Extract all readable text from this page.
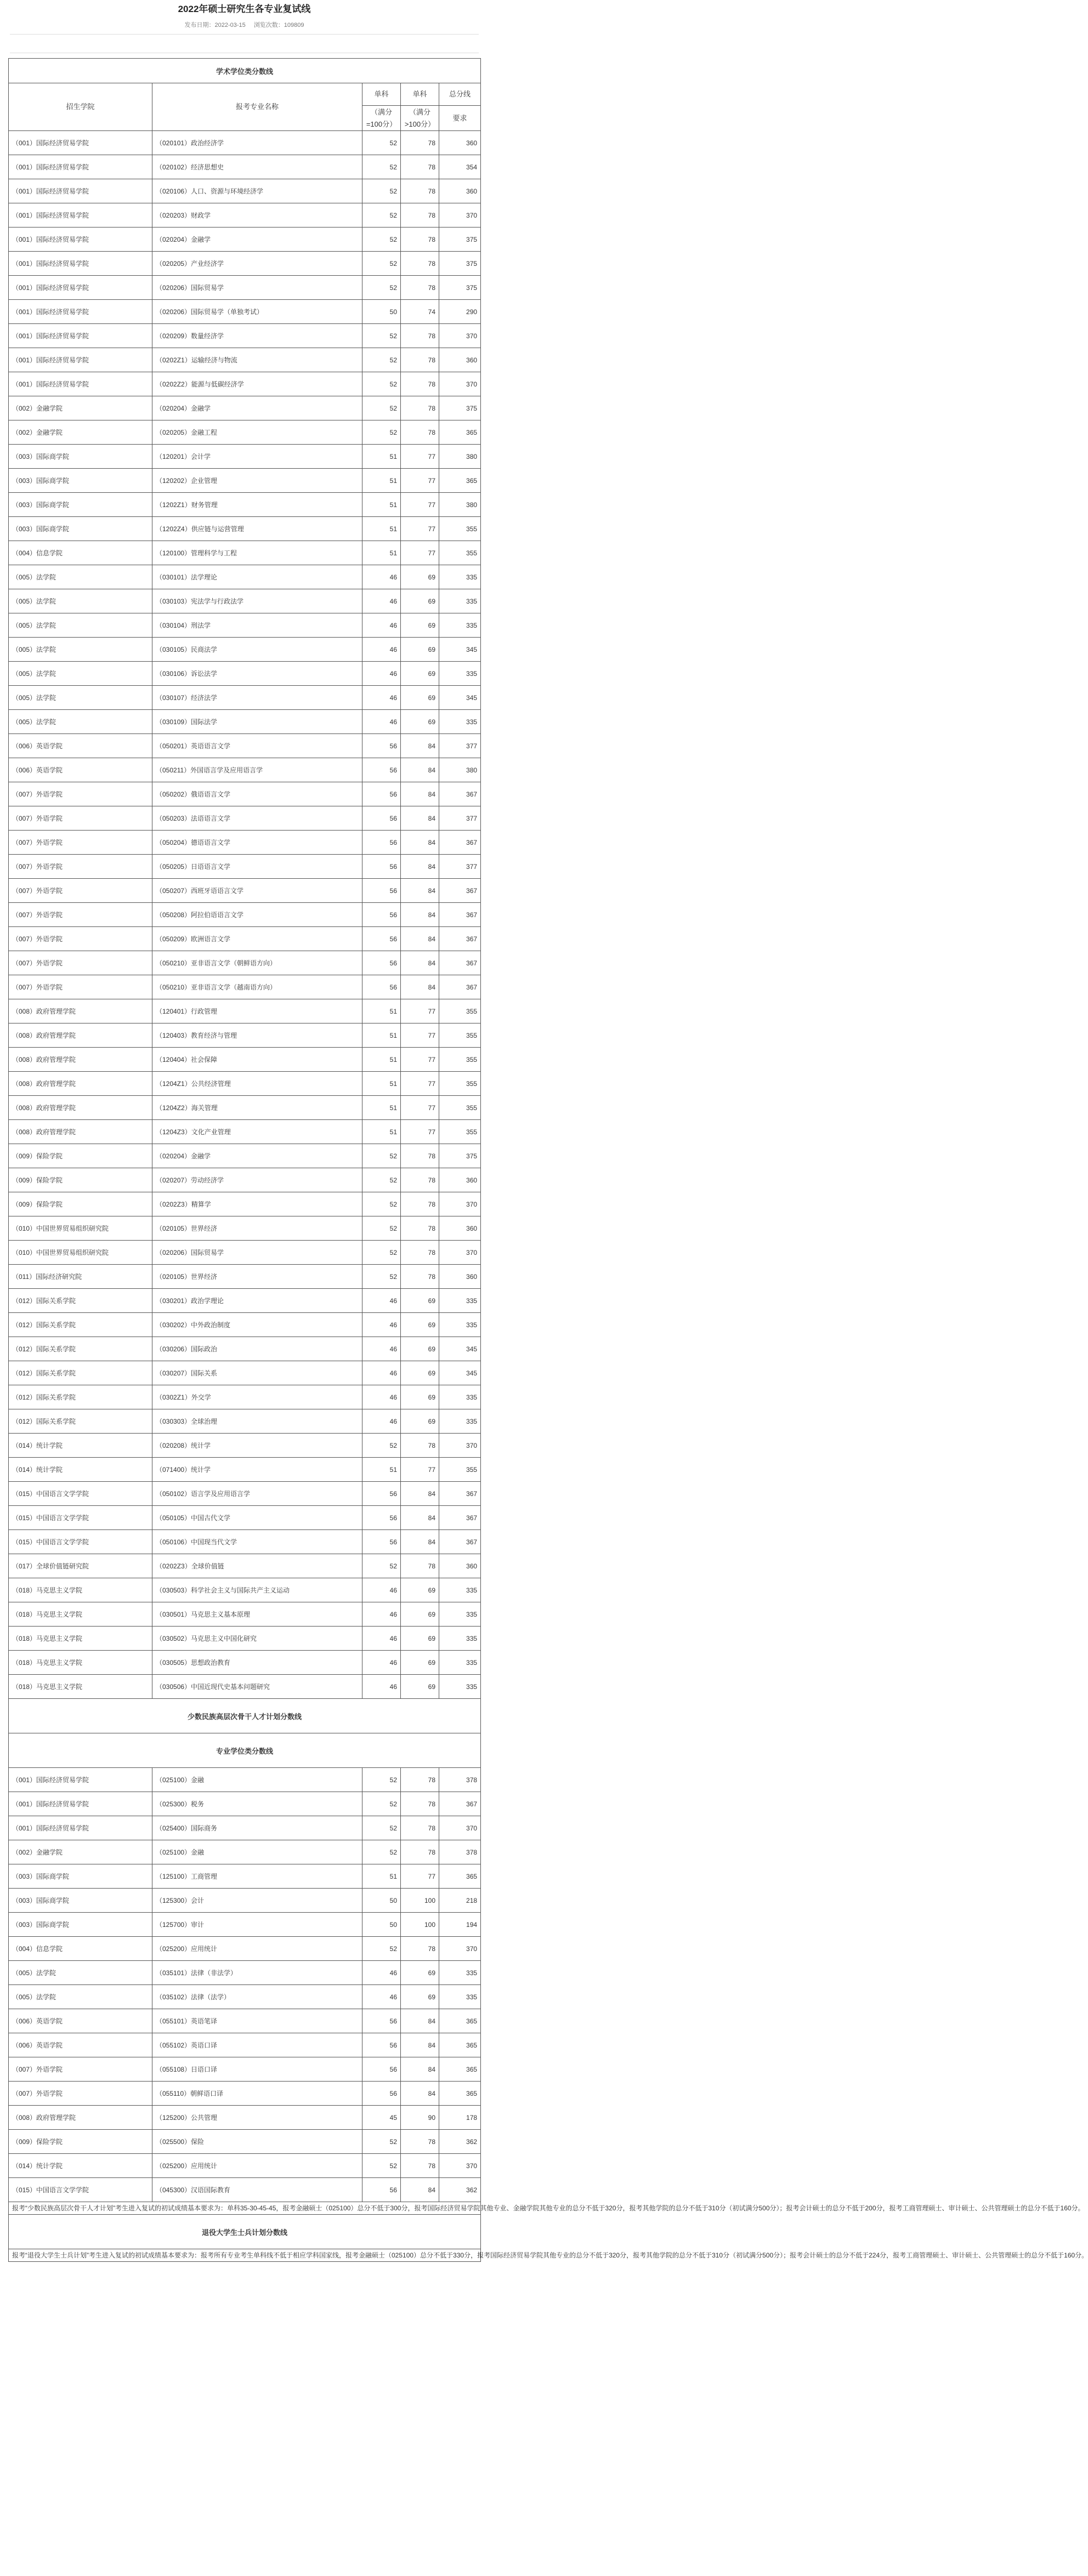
2022年硕士研究生各专业复试线
发布日期：2022-03-15 浏览次数：109809
学术学位类分数线				
招生学院	报考专业名称	单科	单科	总分线
		（满分=100分）	（满分>100分）	要求
（001）国际经济贸易学院	（020101）政治经济学	52	78	360
（001）国际经济贸易学院	（020102）经济思想史	52	78	354
（001）国际经济贸易学院	（020106）人口、资源与环境经济学	52	78	360
（001）国际经济贸易学院	（020203）财政学	52	78	370
（001）国际经济贸易学院	（020204）金融学	52	78	375
（001）国际经济贸易学院	（020205）产业经济学	52	78	375
（001）国际经济贸易学院	（020206）国际贸易学	52	78	375
（001）国际经济贸易学院	（020206）国际贸易学（单独考试）	50	74	290
（001）国际经济贸易学院	（020209）数量经济学	52	78	370
（001）国际经济贸易学院	（0202Z1）运输经济与物流	52	78	360
（001）国际经济贸易学院	（0202Z2）能源与低碳经济学	52	78	370
（002）金融学院	（020204）金融学	52	78	375
（002）金融学院	（020205）金融工程	52	78	365
（003）国际商学院	（120201）会计学	51	77	380
（003）国际商学院	（120202）企业管理	51	77	365
（003）国际商学院	（1202Z1）财务管理	51	77	380
（003）国际商学院	（1202Z4）供应链与运营管理	51	77	355
（004）信息学院	（120100）管理科学与工程	51	77	355
（005）法学院	（030101）法学理论	46	69	335
（005）法学院	（030103）宪法学与行政法学	46	69	335
（005）法学院	（030104）刑法学	46	69	335
（005）法学院	（030105）民商法学	46	69	345
（005）法学院	（030106）诉讼法学	46	69	335
（005）法学院	（030107）经济法学	46	69	345
（005）法学院	（030109）国际法学	46	69	335
（006）英语学院	（050201）英语语言文学	56	84	377
（006）英语学院	（050211）外国语言学及应用语言学	56	84	380
（007）外语学院	（050202）俄语语言文学	56	84	367
（007）外语学院	（050203）法语语言文学	56	84	377
（007）外语学院	（050204）德语语言文学	56	84	367
（007）外语学院	（050205）日语语言文学	56	84	377
（007）外语学院	（050207）西班牙语语言文学	56	84	367
（007）外语学院	（050208）阿拉伯语语言文学	56	84	367
（007）外语学院	（050209）欧洲语言文学	56	84	367
（007）外语学院	（050210）亚非语言文学（朝鲜语方向）	56	84	367
（007）外语学院	（050210）亚非语言文学（越南语方向）	56	84	367
（008）政府管理学院	（120401）行政管理	51	77	355
（008）政府管理学院	（120403）教育经济与管理	51	77	355
（008）政府管理学院	（120404）社会保障	51	77	355
（008）政府管理学院	（1204Z1）公共经济管理	51	77	355
（008）政府管理学院	（1204Z2）海关管理	51	77	355
（008）政府管理学院	（1204Z3）文化产业管理	51	77	355
（009）保险学院	（020204）金融学	52	78	375
（009）保险学院	（020207）劳动经济学	52	78	360
（009）保险学院	（0202Z3）精算学	52	78	370
（010）中国世界贸易组织研究院	（020105）世界经济	52	78	360
（010）中国世界贸易组织研究院	（020206）国际贸易学	52	78	370
（011）国际经济研究院	（020105）世界经济	52	78	360
（012）国际关系学院	（030201）政治学理论	46	69	335
（012）国际关系学院	（030202）中外政治制度	46	69	335
（012）国际关系学院	（030206）国际政治	46	69	345
（012）国际关系学院	（030207）国际关系	46	69	345
（012）国际关系学院	（0302Z1）外交学	46	69	335
（012）国际关系学院	（030303）全球治理	46	69	335
（014）统计学院	（020208）统计学	52	78	370
（014）统计学院	（071400）统计学	51	77	355
（015）中国语言文学学院	（050102）语言学及应用语言学	56	84	367
（015）中国语言文学学院	（050105）中国古代文学	56	84	367
（015）中国语言文学学院	（050106）中国现当代文学	56	84	367
（017）全球价值链研究院	（0202Z3）全球价值链	52	78	360
（018）马克思主义学院	（030503）科学社会主义与国际共产主义运动	46	69	335
（018）马克思主义学院	（030501）马克思主义基本原理	46	69	335
（018）马克思主义学院	（030502）马克思主义中国化研究	46	69	335
（018）马克思主义学院	（030505）思想政治教育	46	69	335
（018）马克思主义学院	（030506）中国近现代史基本问题研究	46	69	335
少数民族高层次骨干人才计划分数线				
专业学位类分数线				
（001）国际经济贸易学院	（025100）金融	52	78	378
（001）国际经济贸易学院	（025300）税务	52	78	367
（001）国际经济贸易学院	（025400）国际商务	52	78	370
（002）金融学院	（025100）金融	52	78	378
（003）国际商学院	（125100）工商管理	51	77	365
（003）国际商学院	（125300）会计	50	100	218
（003）国际商学院	（125700）审计	50	100	194
（004）信息学院	（025200）应用统计	52	78	370
（005）法学院	（035101）法律（非法学）	46	69	335
（005）法学院	（035102）法律（法学）	46	69	335
（006）英语学院	（055101）英语笔译	56	84	365
（006）英语学院	（055102）英语口译	56	84	365
（007）外语学院	（055108）日语口译	56	84	365
（007）外语学院	（055110）朝鲜语口译	56	84	365
（008）政府管理学院	（125200）公共管理	45	90	178
（009）保险学院	（025500）保险	52	78	362
（014）统计学院	（025200）应用统计	52	78	370
（015）中国语言文学学院	（045300）汉语国际教育	56	84	362
报考“少数民族高层次骨干人才计划”考生进入复试的初试成绩基本要求为：单科35-30-45-45，报考金融硕士（025100）总分不低于300分，报考国际经济贸易学院其他专业、金融学院其他专业的总分不低于320分，报考其他学院的总分不低于310分（初试满分500分）；报考会计硕士的总分不低于200分，报考工商管理硕士、审计硕士、公共管理硕士的总分不低于160分。				
退役大学生士兵计划分数线				
报考“退役大学生士兵计划”考生进入复试的初试成绩基本要求为：报考所有专业考生单科线不低于相应学科国家线，报考金融硕士（025100）总分不低于330分，报考国际经济贸易学院其他专业的总分不低于320分，报考其他学院的总分不低于310分（初试满分500分）；报考会计硕士的总分不低于224分，报考工商管理硕士、审计硕士、公共管理硕士的总分不低于160分。				
